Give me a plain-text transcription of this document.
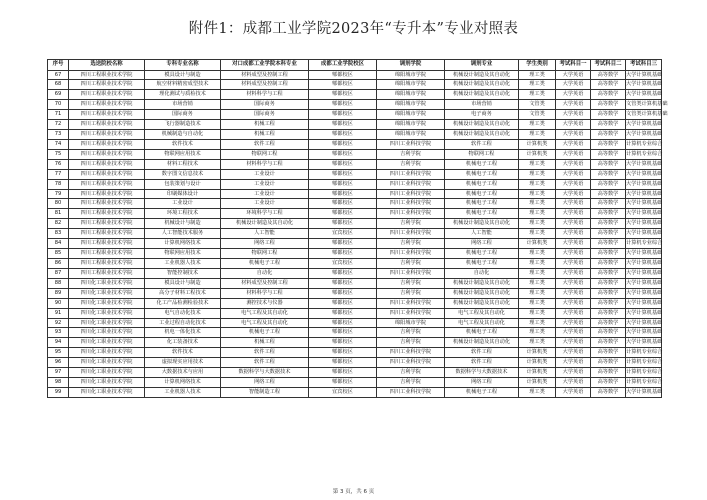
附件1：成都工业学院2023年“专升本”专业对照表
序号	选送院校名称	专科专业名称	对口成都工业学院本科专业	成都工业学院校区	调剂学院	调剂专业	学生类别	考试科目一	考试科目二	考试科目三
67	四川工程职业技术学院	模具设计与制造	材料成型及控制工程	郫都校区	绵阳城市学院	机械设计制造及其自动化	理工类	大学英语	高等数学	大学计算机基础
68	四川工程职业技术学院	航空材料精密成型技术	材料成型及控制工程	郫都校区	绵阳城市学院	机械设计制造及其自动化	理工类	大学英语	高等数学	大学计算机基础
69	四川工程职业技术学院	理化测试与质检技术	材料科学与工程	郫都校区	绵阳城市学院	机械设计制造及其自动化	理工类	大学英语	高等数学	大学计算机基础
70	四川工程职业技术学院	市场营销	国际商务	郫都校区	绵阳城市学院	市场营销	文管类	大学英语	高等数学	文管类计算机基础
71	四川工程职业技术学院	国际商务	国际商务	郫都校区	绵阳城市学院	电子商务	文管类	大学英语	高等数学	文管类计算机基础
72	四川工程职业技术学院	飞行器制造技术	机械工程	郫都校区	绵阳城市学院	机械设计制造及其自动化	理工类	大学英语	高等数学	大学计算机基础
73	四川工程职业技术学院	机械制造与自动化	机械工程	郫都校区	绵阳城市学院	机械设计制造及其自动化	理工类	大学英语	高等数学	大学计算机基础
74	四川工程职业技术学院	软件技术	软件工程	郫都校区	四川工业科技学院	软件工程	计算机类	大学英语	高等数学	计算机专业综合
75	四川工程职业技术学院	物联网应用技术	物联网工程	郫都校区	吉利学院	物联网工程	计算机类	大学英语	高等数学	计算机专业综合
76	四川工程职业技术学院	材料工程技术	材料科学与工程	郫都校区	吉利学院	机械电子工程	理工类	大学英语	高等数学	大学计算机基础
77	四川工程职业技术学院	数字图文信息技术	工业设计	郫都校区	四川工业科技学院	机械电子工程	理工类	大学英语	高等数学	大学计算机基础
78	四川工程职业技术学院	包装策划与设计	工业设计	郫都校区	四川工业科技学院	机械电子工程	理工类	大学英语	高等数学	大学计算机基础
79	四川工程职业技术学院	印刷媒体设计	工业设计	郫都校区	四川工业科技学院	机械电子工程	理工类	大学英语	高等数学	大学计算机基础
80	四川工程职业技术学院	工业设计	工业设计	郫都校区	四川工业科技学院	机械电子工程	理工类	大学英语	高等数学	大学计算机基础
81	四川工程职业技术学院	环境工程技术	环境科学与工程	郫都校区	四川工业科技学院	机械电子工程	理工类	大学英语	高等数学	大学计算机基础
82	四川工程职业技术学院	机械设计与制造	机械设计制造及其自动化	郫都校区	吉利学院	机械设计制造及其自动化	理工类	大学英语	高等数学	大学计算机基础
83	四川工程职业技术学院	人工智能技术服务	人工智能	宜宾校区	四川工业科技学院	人工智能	理工类	大学英语	高等数学	大学计算机基础
84	四川工程职业技术学院	计算机网络技术	网络工程	郫都校区	吉利学院	网络工程	计算机类	大学英语	高等数学	计算机专业综合
85	四川工程职业技术学院	物联网应用技术	物联网工程	郫都校区	四川工业科技学院	机械电子工程	理工类	大学英语	高等数学	大学计算机基础
86	四川工程职业技术学院	工业机器人技术	机械电子工程	宜宾校区	吉利学院	机械电子工程	理工类	大学英语	高等数学	大学计算机基础
87	四川工程职业技术学院	智能控制技术	自动化	郫都校区	四川工业科技学院	自动化	理工类	大学英语	高等数学	大学计算机基础
88	四川化工职业技术学院	模具设计与制造	材料成型及控制工程	郫都校区	吉利学院	机械设计制造及其自动化	理工类	大学英语	高等数学	大学计算机基础
89	四川化工职业技术学院	高分子材料工程技术	材料科学与工程	郫都校区	吉利学院	机械设计制造及其自动化	理工类	大学英语	高等数学	大学计算机基础
90	四川化工职业技术学院	化工产品检测检验技术	测控技术与仪器	郫都校区	四川工业科技学院	机械设计制造及其自动化	理工类	大学英语	高等数学	大学计算机基础
91	四川化工职业技术学院	电气自动化技术	电气工程及其自动化	郫都校区	四川工业科技学院	电气工程及其自动化	理工类	大学英语	高等数学	大学计算机基础
92	四川化工职业技术学院	工业过程自动化技术	电气工程及其自动化	郫都校区	绵阳城市学院	电气工程及其自动化	理工类	大学英语	高等数学	大学计算机基础
93	四川化工职业技术学院	机电一体化技术	机械电子工程	郫都校区	吉利学院	机械电子工程	理工类	大学英语	高等数学	大学计算机基础
94	四川化工职业技术学院	化工装备技术	机械工程	郫都校区	吉利学院	机械设计制造及其自动化	理工类	大学英语	高等数学	大学计算机基础
95	四川化工职业技术学院	软件技术	软件工程	郫都校区	四川工业科技学院	软件工程	计算机类	大学英语	高等数学	计算机专业综合
96	四川化工职业技术学院	虚拟现实应用技术	软件工程	郫都校区	四川工业科技学院	软件工程	计算机类	大学英语	高等数学	计算机专业综合
97	四川化工职业技术学院	大数据技术与应用	数据科学与大数据技术	郫都校区	吉利学院	数据科学与大数据技术	计算机类	大学英语	高等数学	计算机专业综合
98	四川化工职业技术学院	计算机网络技术	网络工程	郫都校区	吉利学院	网络工程	计算机类	大学英语	高等数学	计算机专业综合
99	四川化工职业技术学院	工业机器人技术	智能制造工程	宜宾校区	四川工业科技学院	机械电子工程	理工类	大学英语	高等数学	大学计算机基础
第 3 页，共 6 页
